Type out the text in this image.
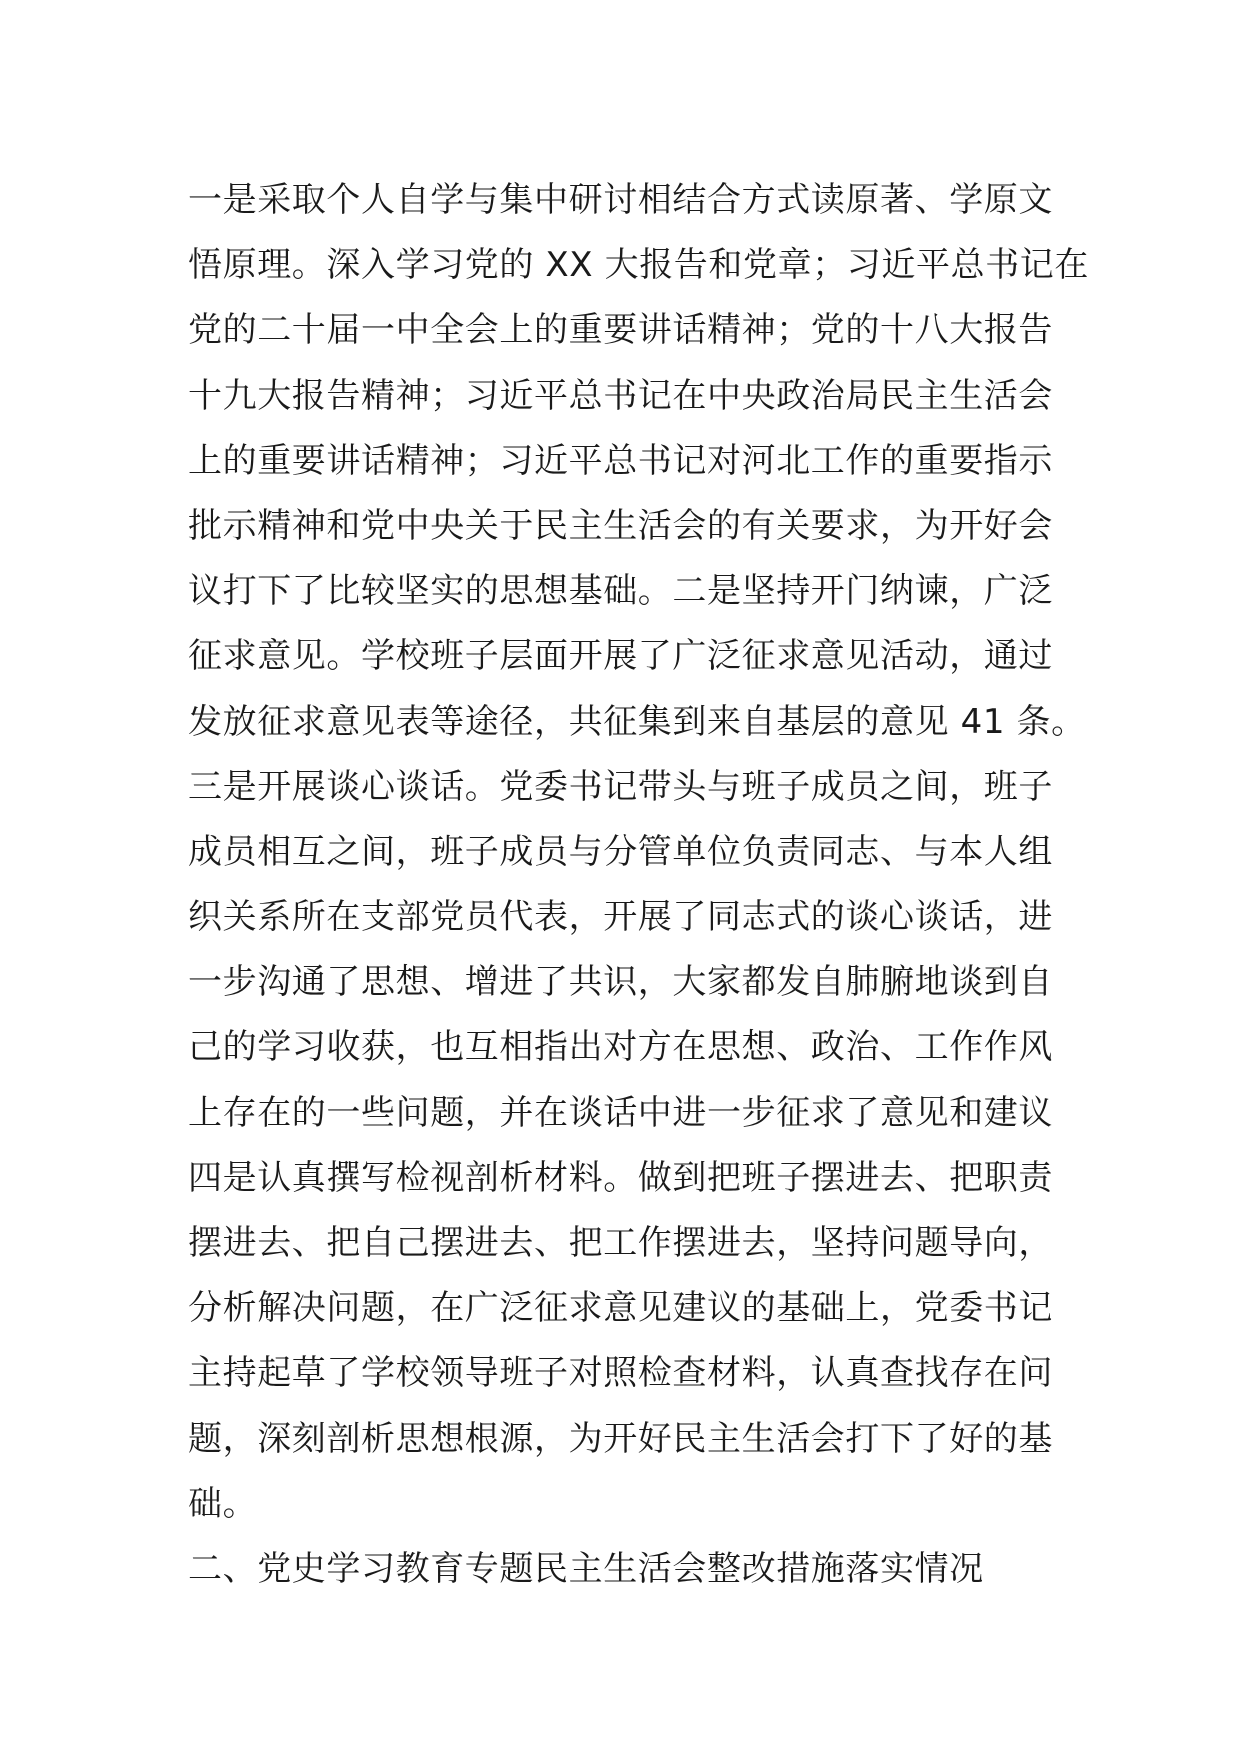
一是采取个人自学与集中研讨相结合方式读原著、学原文
悟原理。深入学习党的 XX 大报告和党章；习近平总书记在
党的二十届一中全会上的重要讲话精神；党的十八大报告
十九大报告精神；习近平总书记在中央政治局民主生活会
上的重要讲话精神；习近平总书记对河北工作的重要指示
批示精神和党中央关于民主生活会的有关要求，为开好会
议打下了比较坚实的思想基础。二是坚持开门纳谏，广泛
征求意见。学校班子层面开展了广泛征求意见活动，通过
发放征求意见表等途径，共征集到来自基层的意见 41 条。
三是开展谈心谈话。党委书记带头与班子成员之间，班子
成员相互之间，班子成员与分管单位负责同志、与本人组
织关系所在支部党员代表，开展了同志式的谈心谈话，进
一步沟通了思想、增进了共识，大家都发自肺腑地谈到自
己的学习收获，也互相指出对方在思想、政治、工作作风
上存在的一些问题，并在谈话中进一步征求了意见和建议
四是认真撰写检视剖析材料。做到把班子摆进去、把职责
摆进去、把自己摆进去、把工作摆进去，坚持问题导向，
分析解决问题，在广泛征求意见建议的基础上，党委书记
主持起草了学校领导班子对照检查材料，认真查找存在问
题，深刻剖析思想根源，为开好民主生活会打下了好的基
础。
二、党史学习教育专题民主生活会整改措施落实情况
